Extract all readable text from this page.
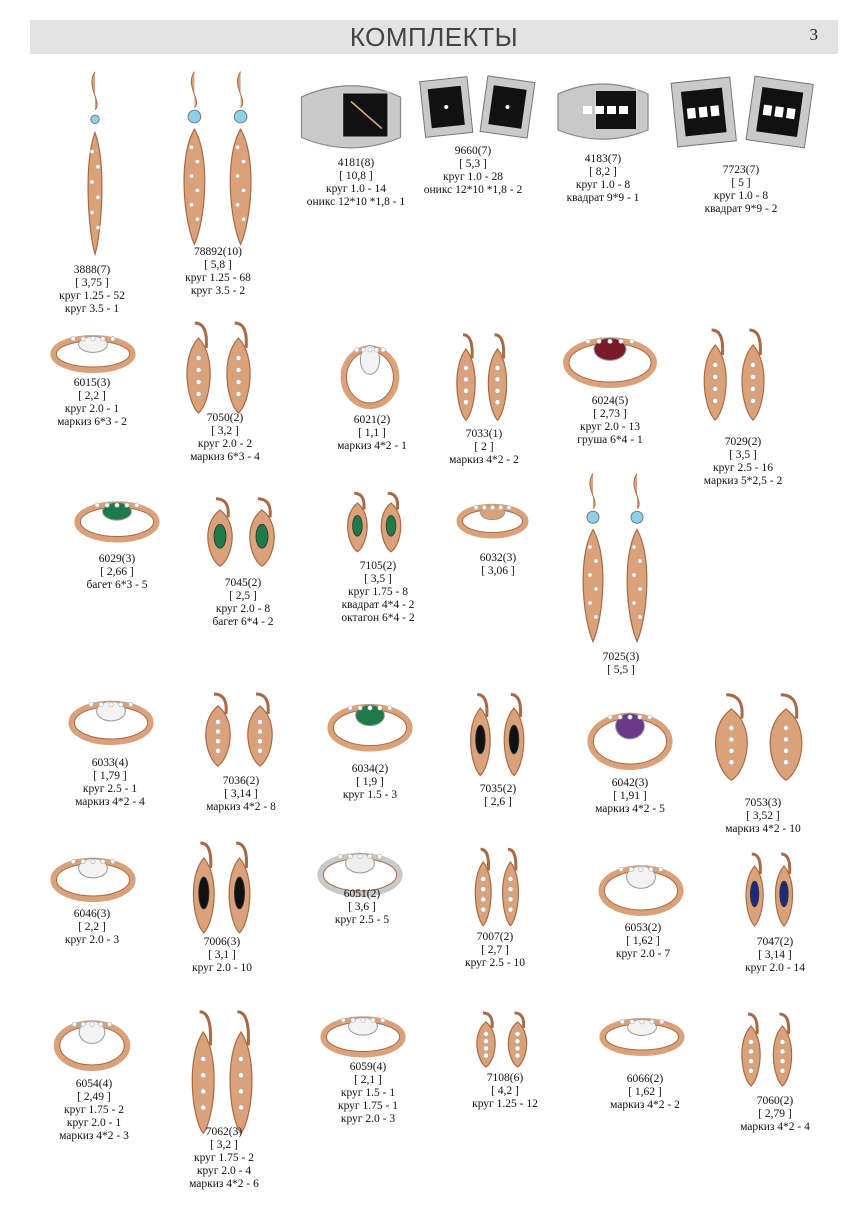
КОМПЛЕКТЫ	3
3888(7)
[ 3,75 ]
круг 1.25 - 52
круг 3.5 - 1
78892(10)
[ 5,8 ]
круг 1.25 - 68
круг 3.5 - 2
4181(8)
[ 10,8 ]
круг 1.0 - 14
оникс 12*10 *1,8 - 1
9660(7)
[ 5,3 ]
круг 1.0 - 28
оникс 12*10 *1,8 - 2
4183(7)
[ 8,2 ]
круг 1.0 - 8
квадрат 9*9 - 1
7723(7)
[ 5 ]
круг 1.0 - 8
квадрат 9*9 - 2
6015(3)
[ 2,2 ]
круг 2.0 - 1
маркиз 6*3 - 2	7050(2)
[ 3,2 ]
круг 2.0 - 2
маркиз 6*3 - 4
6021(2)
[ 1,1 ]
маркиз 4*2 - 1
7033(1)
[ 2 ]
маркиз 4*2 - 2
6024(5)
[ 2,73 ]
круг 2.0 - 13
груша 6*4 - 1	7029(2)
[ 3,5 ]
круг 2.5 - 16
маркиз 5*2,5 - 2
6029(3)
[ 2,66 ]
багет 6*3 - 5	7045(2)
[ 2,5 ]
круг 2.0 - 8
багет 6*4 - 2
7105(2)
[ 3,5 ]
круг 1.75 - 8
квадрат 4*4 - 2
октагон 6*4 - 2
6032(3)
[ 3,06 ]
7025(3)
[ 5,5 ]
6033(4)
[ 1,79 ]
круг 2.5 - 1
маркиз 4*2 - 4
7036(2)
[ 3,14 ]
маркиз 4*2 - 8
6034(2)
[ 1,9 ]
круг 1.5 - 3	7035(2)
[ 2,6 ]
6042(3)
[ 1,91 ]
маркиз 4*2 - 5	7053(3)
[ 3,52 ]
маркиз 4*2 - 10
6046(3)
[ 2,2 ]
круг 2.0 - 3	7006(3)
[ 3,1 ]
круг 2.0 - 10
6051(2)
[ 3,6 ]
круг 2.5 - 5
7007(2)
[ 2,7 ]
круг 2.5 - 10
6053(2)
[ 1,62 ]
круг 2.0 - 7
7047(2)
[ 3,14 ]
круг 2.0 - 14
6054(4)
[ 2,49 ]
круг 1.75 - 2
круг 2.0 - 1
маркиз 4*2 - 3	7062(3)
[ 3,2 ]
круг 1.75 - 2
круг 2.0 - 4
маркиз 4*2 - 6
6059(4)
[ 2,1 ]
круг 1.5 - 1
круг 1.75 - 1
круг 2.0 - 3
7108(6)
[ 4,2 ]
круг 1.25 - 12
6066(2)
[ 1,62 ]
маркиз 4*2 - 2	7060(2)
[ 2,79 ]
маркиз 4*2 - 4
